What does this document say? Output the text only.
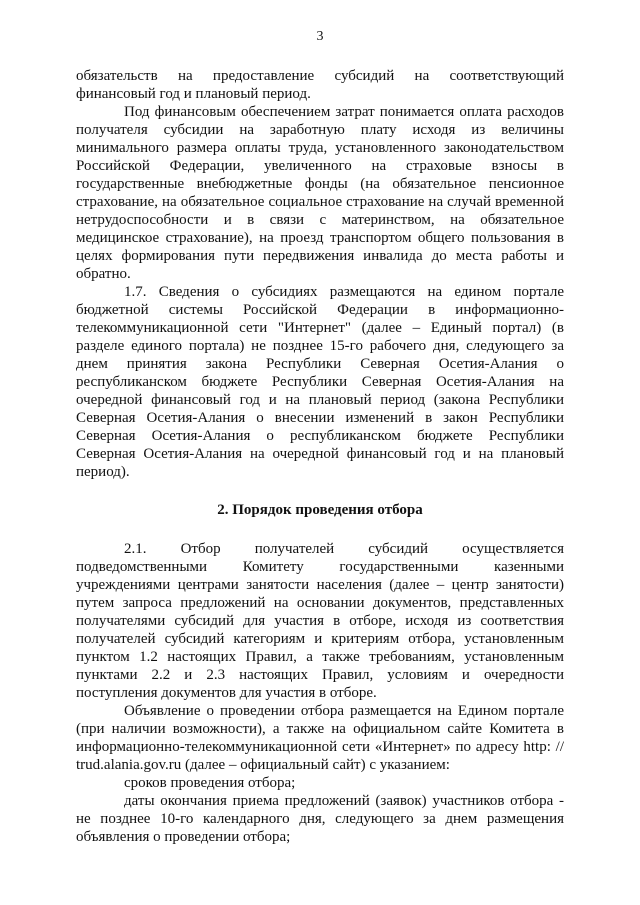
3

обязательств на предоставление субсидий на соответствующий финансовый год и плановый период.

Под финансовым обеспечением затрат понимается оплата расходов получателя субсидии на заработную плату исходя из величины минимального размера оплаты труда, установленного законодательством Российской Федерации, увеличенного на страховые взносы в государственные внебюджетные фонды (на обязательное пенсионное страхование, на обязательное социальное страхование на случай временной нетрудоспособности и в связи с материнством, на обязательное медицинское страхование), на проезд транспортом общего пользования в целях формирования пути передвижения инвалида до места работы и обратно.

1.7. Сведения о субсидиях размещаются на едином портале бюджетной системы Российской Федерации в информационно-телекоммуникационной сети "Интернет" (далее – Единый портал) (в разделе единого портала) не позднее 15-го рабочего дня, следующего за днем принятия закона Республики Северная Осетия-Алания о республиканском бюджете Республики Северная Осетия-Алания на очередной финансовый год и на плановый период (закона Республики Северная Осетия-Алания о внесении изменений в закон Республики Северная Осетия-Алания о республиканском бюджете Республики Северная Осетия-Алания на очередной финансовый год и на плановый период).

2. Порядок проведения отбора

2.1. Отбор получателей субсидий осуществляется подведомственными Комитету государственными казенными учреждениями центрами занятости населения (далее – центр занятости) путем запроса предложений на основании документов, представленных получателями субсидий для участия в отборе, исходя из соответствия получателей субсидий категориям и критериям отбора, установленным пунктом 1.2 настоящих Правил, а также требованиям, установленным пунктами 2.2 и 2.3 настоящих Правил, условиям и очередности поступления документов для участия в отборе.

Объявление о проведении отбора размещается на Едином портале (при наличии возможности), а также на официальном сайте Комитета в информационно-телекоммуникационной сети «Интернет» по адресу http: // trud.alania.gov.ru (далее – официальный сайт) с указанием:

сроков проведения отбора;

даты окончания приема предложений (заявок) участников отбора - не позднее 10-го календарного дня, следующего за днем размещения объявления о проведении отбора;
